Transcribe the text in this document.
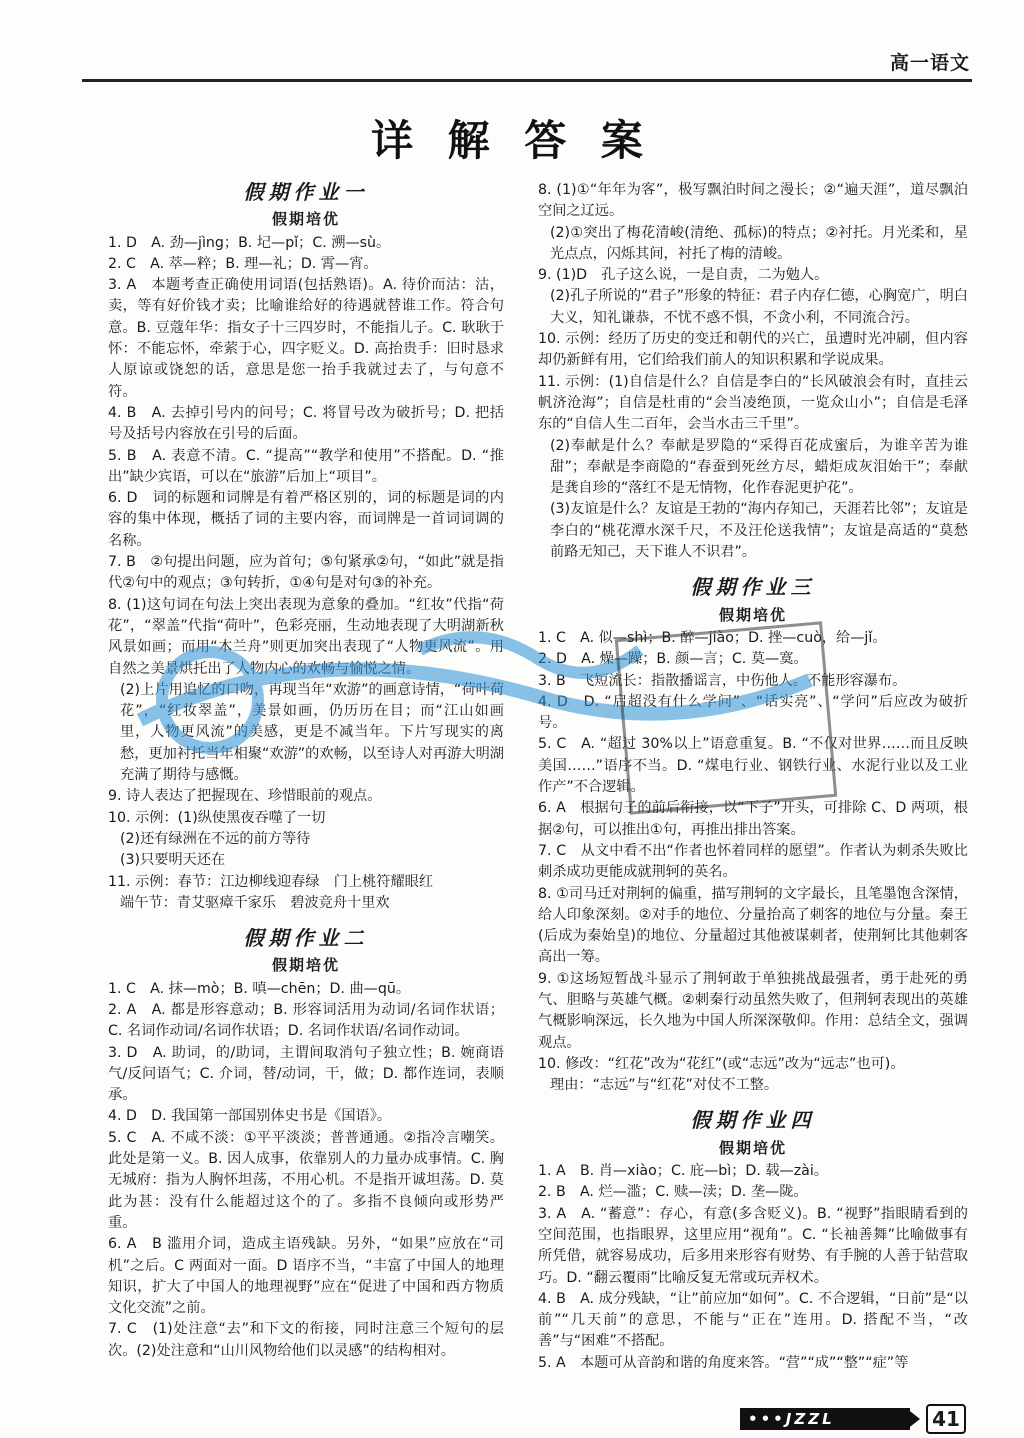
高一语文
详 解 答 案
假期作业一
假期培优
1. D　A. 劲—jìng；B. 圮—pǐ；C. 溯—sù。
2. C　A. 萃—粹；B. 理—礼；D. 霄—宵。
3. A　本题考查正确使用词语(包括熟语)。A. 待价而沽：沽，卖，等有好价钱才卖；比喻谁给好的待遇就替谁工作。符合句意。B. 豆蔻年华：指女子十三四岁时，不能指儿子。C. 耿耿于怀：不能忘怀，牵萦于心，四字贬义。D. 高抬贵手：旧时恳求人原谅或饶恕的话，意思是您一抬手我就过去了，与句意不符。
4. B　A. 去掉引号内的问号；C. 将冒号改为破折号；D. 把括号及括号内容放在引号的后面。
5. B　A. 表意不清。C. “提高”“教学和使用”不搭配。D. “推出”缺少宾语，可以在“旅游”后加上“项目”。
6. D　词的标题和词牌是有着严格区别的，词的标题是词的内容的集中体现，概括了词的主要内容，而词牌是一首词词调的名称。
7. B　②句提出问题，应为首句；⑤句紧承②句，“如此”就是指代②句中的观点；③句转折，①④句是对句③的补充。
8. (1)这句词在句法上突出表现为意象的叠加。“红妆”代指“荷花”，“翠盖”代指“荷叶”，色彩亮丽，生动地表现了大明湖新秋风景如画；而用“木兰舟”则更加突出表现了“人物更风流”。用自然之美景烘托出了人物内心的欢畅与愉悦之情。
(2)上片用追忆的口吻，再现当年“欢游”的画意诗情，“荷叶荷花”，“红妆翠盖”，美景如画，仍历历在目；而“江山如画里，人物更风流”的美感，更是不减当年。下片写现实的离愁，更加衬托当年相聚“欢游”的欢畅，以至诗人对再游大明湖充满了期待与感慨。
9. 诗人表达了把握现在、珍惜眼前的观点。
10. 示例：(1)纵使黑夜吞噬了一切
(2)还有绿洲在不远的前方等待
(3)只要明天还在
11. 示例：春节：江边柳线迎春绿　门上桃符耀眼红
端午节：青艾驱瘴千家乐　碧波竞舟十里欢
假期作业二
假期培优
1. C　A. 抹—mò；B. 嗔—chēn；D. 曲—qū。
2. A　A. 都是形容意动；B. 形容词活用为动词/名词作状语；C. 名词作动词/名词作状语；D. 名词作状语/名词作动词。
3. D　A. 助词，的/助词，主谓间取消句子独立性；B. 婉商语气/反问语气；C. 介词，替/动词，干，做；D. 都作连词，表顺承。
4. D　D. 我国第一部国别体史书是《国语》。
5. C　A. 不咸不淡：①平平淡淡；普普通通。②指冷言嘲笑。此处是第一义。B. 因人成事，依靠别人的力量办成事情。C. 胸无城府：指为人胸怀坦荡，不用心机。不是指开诚坦荡。D. 莫此为甚：没有什么能超过这个的了。多指不良倾向或形势严重。
6. A　B 滥用介词，造成主语残缺。另外，“如果”应放在“司机”之后。C 两面对一面。D 语序不当，“丰富了中国人的地理知识，扩大了中国人的地理视野”应在“促进了中国和西方物质文化交流”之前。
7. C　(1)处注意“去”和下文的衔接，同时注意三个短句的层次。(2)处注意和“山川风物给他们以灵感”的结构相对。
8. (1)①“年年为客”，极写飘泊时间之漫长；②“遍天涯”，道尽飘泊空间之辽远。
(2)①突出了梅花清峻(清绝、孤标)的特点；②衬托。月光柔和，星光点点，闪烁其间，衬托了梅的清峻。
9. (1)D　孔子这么说，一是自责，二为勉人。
(2)孔子所说的“君子”形象的特征：君子内存仁德，心胸宽广，明白大义，知礼谦恭，不忧不惑不惧，不贪小利，不同流合污。
10. 示例：经历了历史的变迁和朝代的兴亡，虽遭时光冲刷，但内容却仍新鲜有用，它们给我们前人的知识积累和学说成果。
11. 示例：(1)自信是什么？自信是李白的“长风破浪会有时，直挂云帆济沧海”；自信是杜甫的“会当凌绝顶，一览众山小”；自信是毛泽东的“自信人生二百年，会当水击三千里”。
(2)奉献是什么？奉献是罗隐的“采得百花成蜜后，为谁辛苦为谁甜”；奉献是李商隐的“春蚕到死丝方尽，蜡炬成灰泪始干”；奉献是龚自珍的“落红不是无情物，化作春泥更护花”。
(3)友谊是什么？友谊是王勃的“海内存知己，天涯若比邻”；友谊是李白的“桃花潭水深千尺，不及汪伦送我情”；友谊是高适的“莫愁前路无知己，天下谁人不识君”。
假期作业三
假期培优
1. C　A. 似—shì；B. 醉—jiào；D. 挫—cuò，给—jǐ。
2. D　A. 燥—躁；B. 颜—言；C. 莫—寞。
3. B　飞短流长：指散播谣言，中伤他人。不能形容瀑布。
4. D　D. “启超没有什么学问”、“话实亮”、“学问”后应改为破折号。
5. C　A. “超过 30%以上”语意重复。B. “不仅对世界……而且反映美国……”语序不当。D. “煤电行业、钢铁行业、水泥行业以及工业作产”不合逻辑。
6. A　根据句子的前后衔接，以“下子”开头，可排除 C、D 两项，根据②句，可以推出①句，再推出排出答案。
7. C　从文中看不出“作者也怀着同样的愿望”。作者认为刺杀失败比刺杀成功更能成就荆轲的英名。
8. ①司马迁对荆轲的偏重，描写荆轲的文字最长，且笔墨饱含深情，给人印象深刻。②对手的地位、分量抬高了刺客的地位与分量。秦王(后成为秦始皇)的地位、分量超过其他被谋刺者，使荆轲比其他刺客高出一筹。
9. ①这场短暂战斗显示了荆轲敢于单独挑战最强者，勇于赴死的勇气、胆略与英雄气概。②刺秦行动虽然失败了，但荆轲表现出的英雄气概影响深远，长久地为中国人所深深敬仰。作用：总结全文，强调观点。
10. 修改：“红花”改为“花红”(或“志远”改为“远志”也可)。
理由：“志远”与“红花”对仗不工整。
假期作业四
假期培优
1. A　B. 肖—xiào；C. 庇—bì；D. 载—zài。
2. B　A. 烂—滥；C. 赎—渎；D. 垄—陇。
3. A　A. “蓄意”：存心，有意(多含贬义)。B. “视野”指眼睛看到的空间范围，也指眼界，这里应用“视角”。C. “长袖善舞”比喻做事有所凭借，就容易成功，后多用来形容有财势、有手腕的人善于钻营取巧。D. “翻云覆雨”比喻反复无常或玩弄权术。
4. B　A. 成分残缺，“让”前应加“如何”。C. 不合逻辑，“日前”是“以前”“几天前”的意思，不能与“正在”连用。D. 搭配不当，“改善”与“困难”不搭配。
5. A　本题可从音韵和谐的角度来答。“营”“成”“整”“症”等
•••JZZL	41
